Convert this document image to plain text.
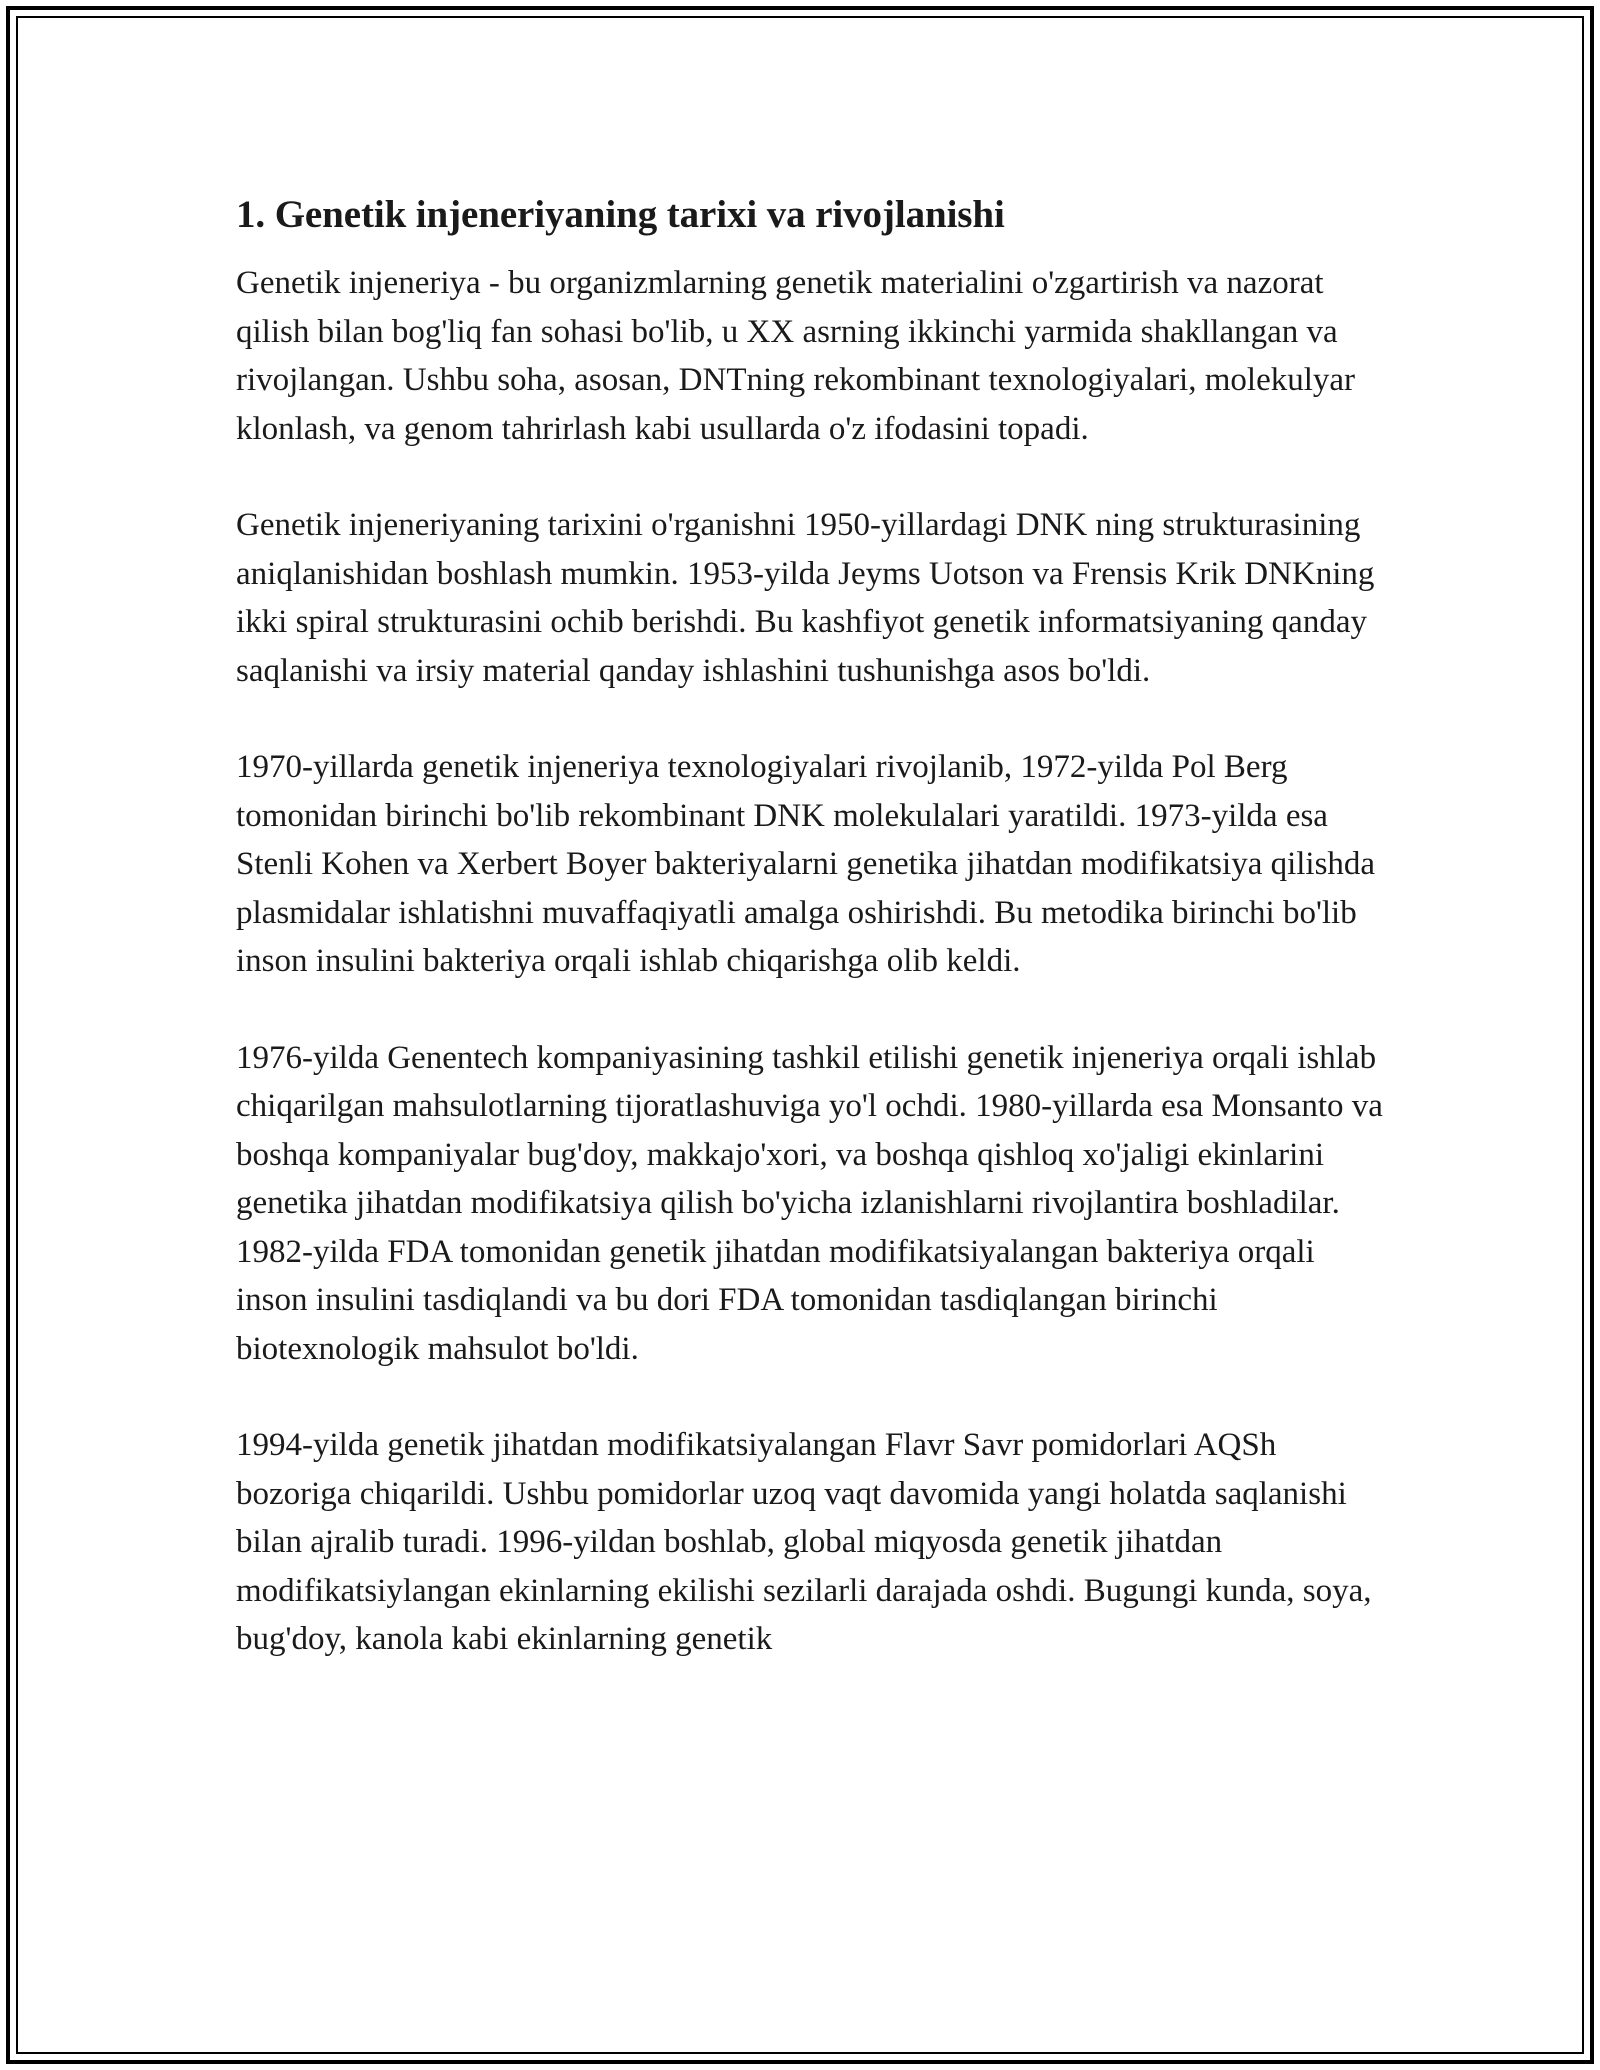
1. Genetik injeneriyaning tarixi va rivojlanishi

Genetik injeneriya - bu organizmlarning genetik materialini o'zgartirish va nazorat qilish bilan bog'liq fan sohasi bo'lib, u XX asrning ikkinchi yarmida shakllangan va rivojlangan. Ushbu soha, asosan, DNTning rekombinant texnologiyalari, molekulyar klonlash, va genom tahrirlash kabi usullarda o'z ifodasini topadi.

Genetik injeneriyaning tarixini o'rganishni 1950-yillardagi DNK ning strukturasining aniqlanishidan boshlash mumkin. 1953-yilda Jeyms Uotson va Frensis Krik DNKning ikki spiral strukturasini ochib berishdi. Bu kashfiyot genetik informatsiyaning qanday saqlanishi va irsiy material qanday ishlashini tushunishga asos bo'ldi.

1970-yillarda genetik injeneriya texnologiyalari rivojlanib, 1972-yilda Pol Berg tomonidan birinchi bo'lib rekombinant DNK molekulalari yaratildi. 1973-yilda esa Stenli Kohen va Xerbert Boyer bakteriyalarni genetika jihatdan modifikatsiya qilishda plasmidalar ishlatishni muvaffaqiyatli amalga oshirishdi. Bu metodika birinchi bo'lib inson insulini bakteriya orqali ishlab chiqarishga olib keldi.

1976-yilda Genentech kompaniyasining tashkil etilishi genetik injeneriya orqali ishlab chiqarilgan mahsulotlarning tijoratlashuviga yo'l ochdi. 1980-yillarda esa Monsanto va boshqa kompaniyalar bug'doy, makkajo'xori, va boshqa qishloq xo'jaligi ekinlarini genetika jihatdan modifikatsiya qilish bo'yicha izlanishlarni rivojlantira boshladilar. 1982-yilda FDA tomonidan genetik jihatdan modifikatsiyalangan bakteriya orqali inson insulini tasdiqlandi va bu dori FDA tomonidan tasdiqlangan birinchi biotexnologik mahsulot bo'ldi.

1994-yilda genetik jihatdan modifikatsiyalangan Flavr Savr pomidorlari AQSh bozoriga chiqarildi. Ushbu pomidorlar uzoq vaqt davomida yangi holatda saqlanishi bilan ajralib turadi. 1996-yildan boshlab, global miqyosda genetik jihatdan modifikatsiylangan ekinlarning ekilishi sezilarli darajada oshdi. Bugungi kunda, soya, bug'doy, kanola kabi ekinlarning genetik
